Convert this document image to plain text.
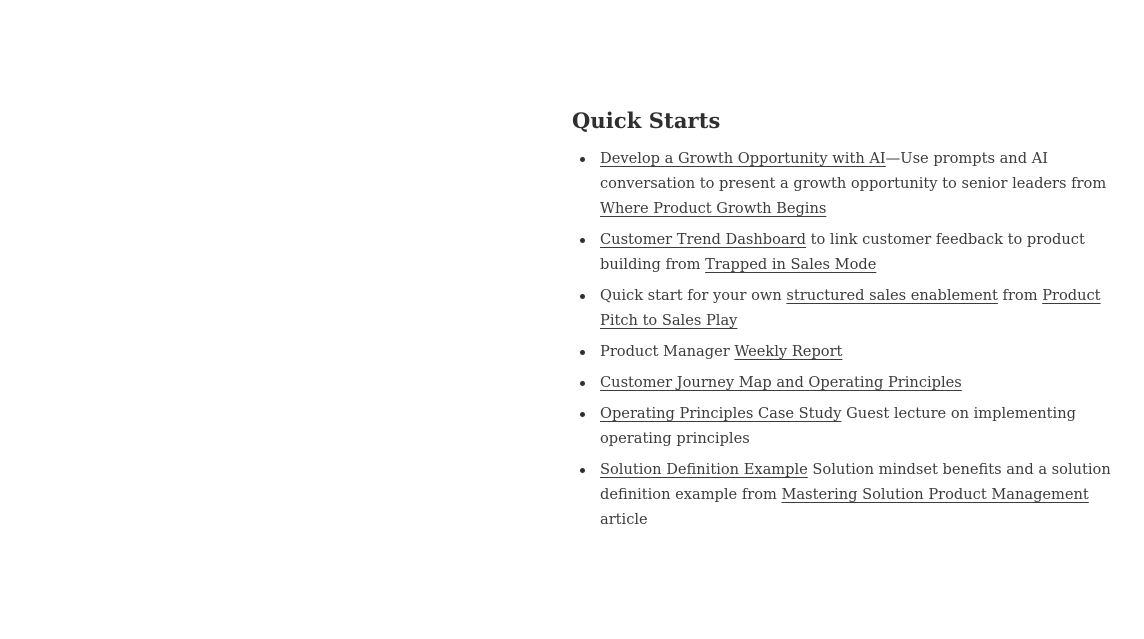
Quick Starts
Develop a Growth Opportunity with AI—Use prompts and AI conversation to present a growth opportunity to senior leaders from Where Product Growth Begins
Customer Trend Dashboard to link customer feedback to product building from Trapped in Sales Mode
Quick start for your own structured sales enablement from Product Pitch to Sales Play
Product Manager Weekly Report
Customer Journey Map and Operating Principles
Operating Principles Case Study Guest lecture on implementing operating principles
Solution Definition Example Solution mindset benefits and a solution definition example from Mastering Solution Product Management article
